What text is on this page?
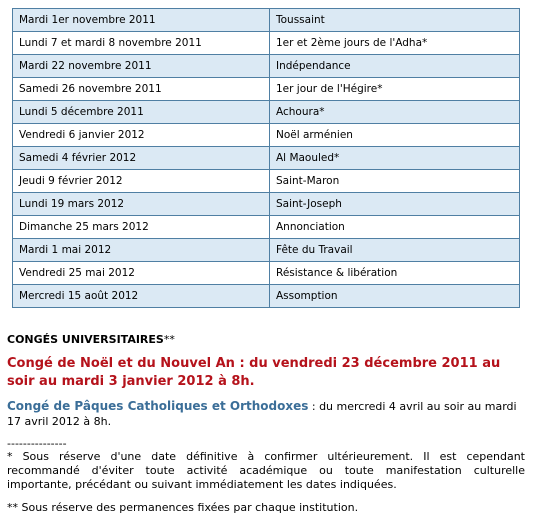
Mardi 1er novembre 2011	Toussaint
Lundi 7 et mardi 8 novembre 2011	1er et 2ème jours de l'Adha*
Mardi 22 novembre 2011	Indépendance
Samedi 26 novembre 2011	1er jour de l'Hégire*
Lundi 5 décembre 2011	Achoura*
Vendredi 6 janvier 2012	Noël arménien
Samedi 4 février 2012	Al Maouled*
Jeudi 9 février 2012	Saint-Maron
Lundi 19 mars 2012	Saint-Joseph
Dimanche 25 mars 2012	Annonciation
Mardi 1 mai 2012	Fête du Travail
Vendredi 25 mai 2012	Résistance & libération
Mercredi 15 août 2012	Assomption
CONGÉS UNIVERSITAIRES**
Congé de Noël et du Nouvel An : du vendredi 23 décembre 2011 au soir au mardi 3 janvier 2012 à 8h.
Congé de Pâques Catholiques et Orthodoxes : du mercredi 4 avril au soir au mardi 17 avril 2012 à 8h.
---------------
* Sous réserve d'une date définitive à confirmer ultérieurement. Il est cependant recommandé d'éviter toute activité académique ou toute manifestation culturelle importante, précédant ou suivant immédiatement les dates indiquées.
** Sous réserve des permanences fixées par chaque institution.
